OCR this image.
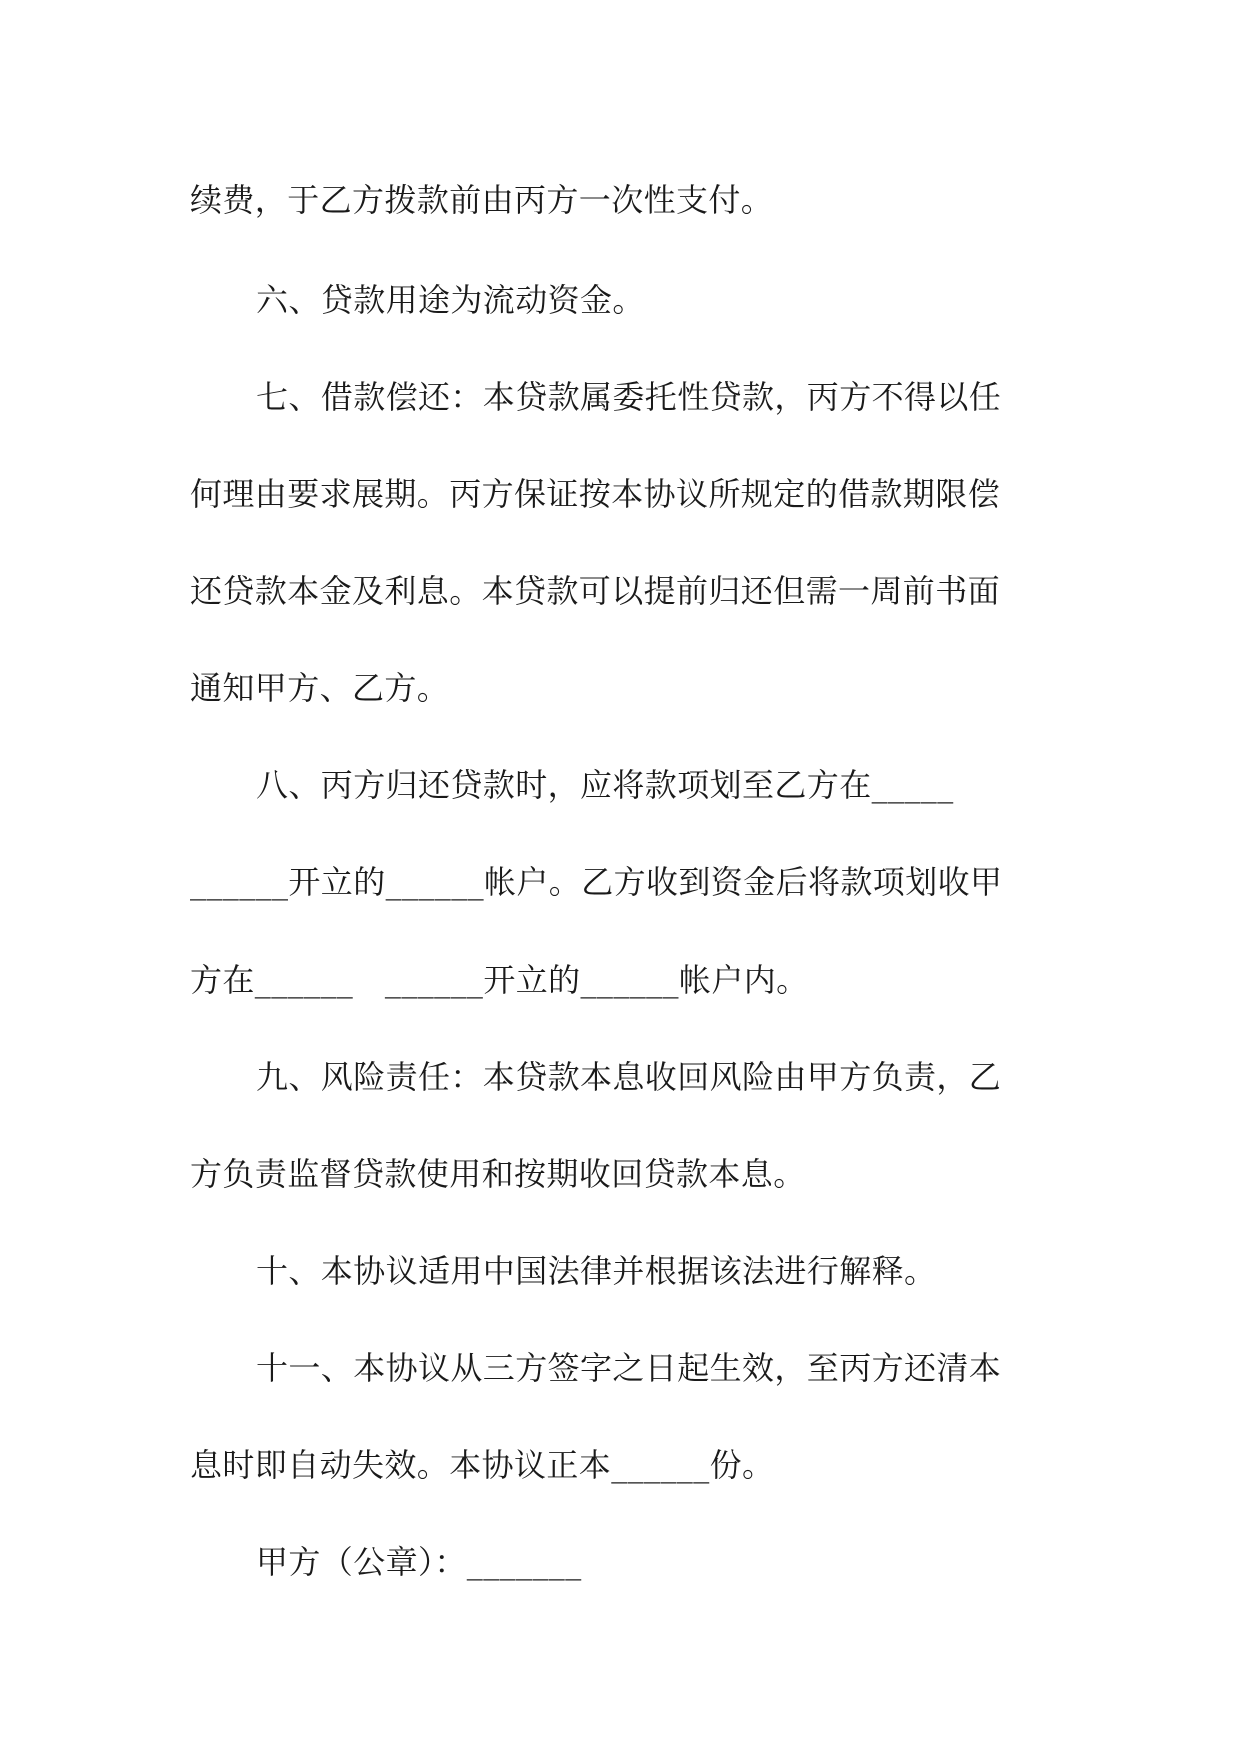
续费，于乙方拨款前由丙方一次性支付。

六、贷款用途为流动资金。

七、借款偿还：本贷款属委托性贷款，丙方不得以任

何理由要求展期。丙方保证按本协议所规定的借款期限偿

还贷款本金及利息。本贷款可以提前归还但需一周前书面

通知甲方、乙方。

八、丙方归还贷款时，应将款项划至乙方在_____

______开立的______帐户。乙方收到资金后将款项划收甲

方在______   ______开立的______帐户内。

九、风险责任：本贷款本息收回风险由甲方负责，乙

方负责监督贷款使用和按期收回贷款本息。

十、本协议适用中国法律并根据该法进行解释。

十一、本协议从三方签字之日起生效，至丙方还清本

息时即自动失效。本协议正本______份。

甲方（公章）：_______
